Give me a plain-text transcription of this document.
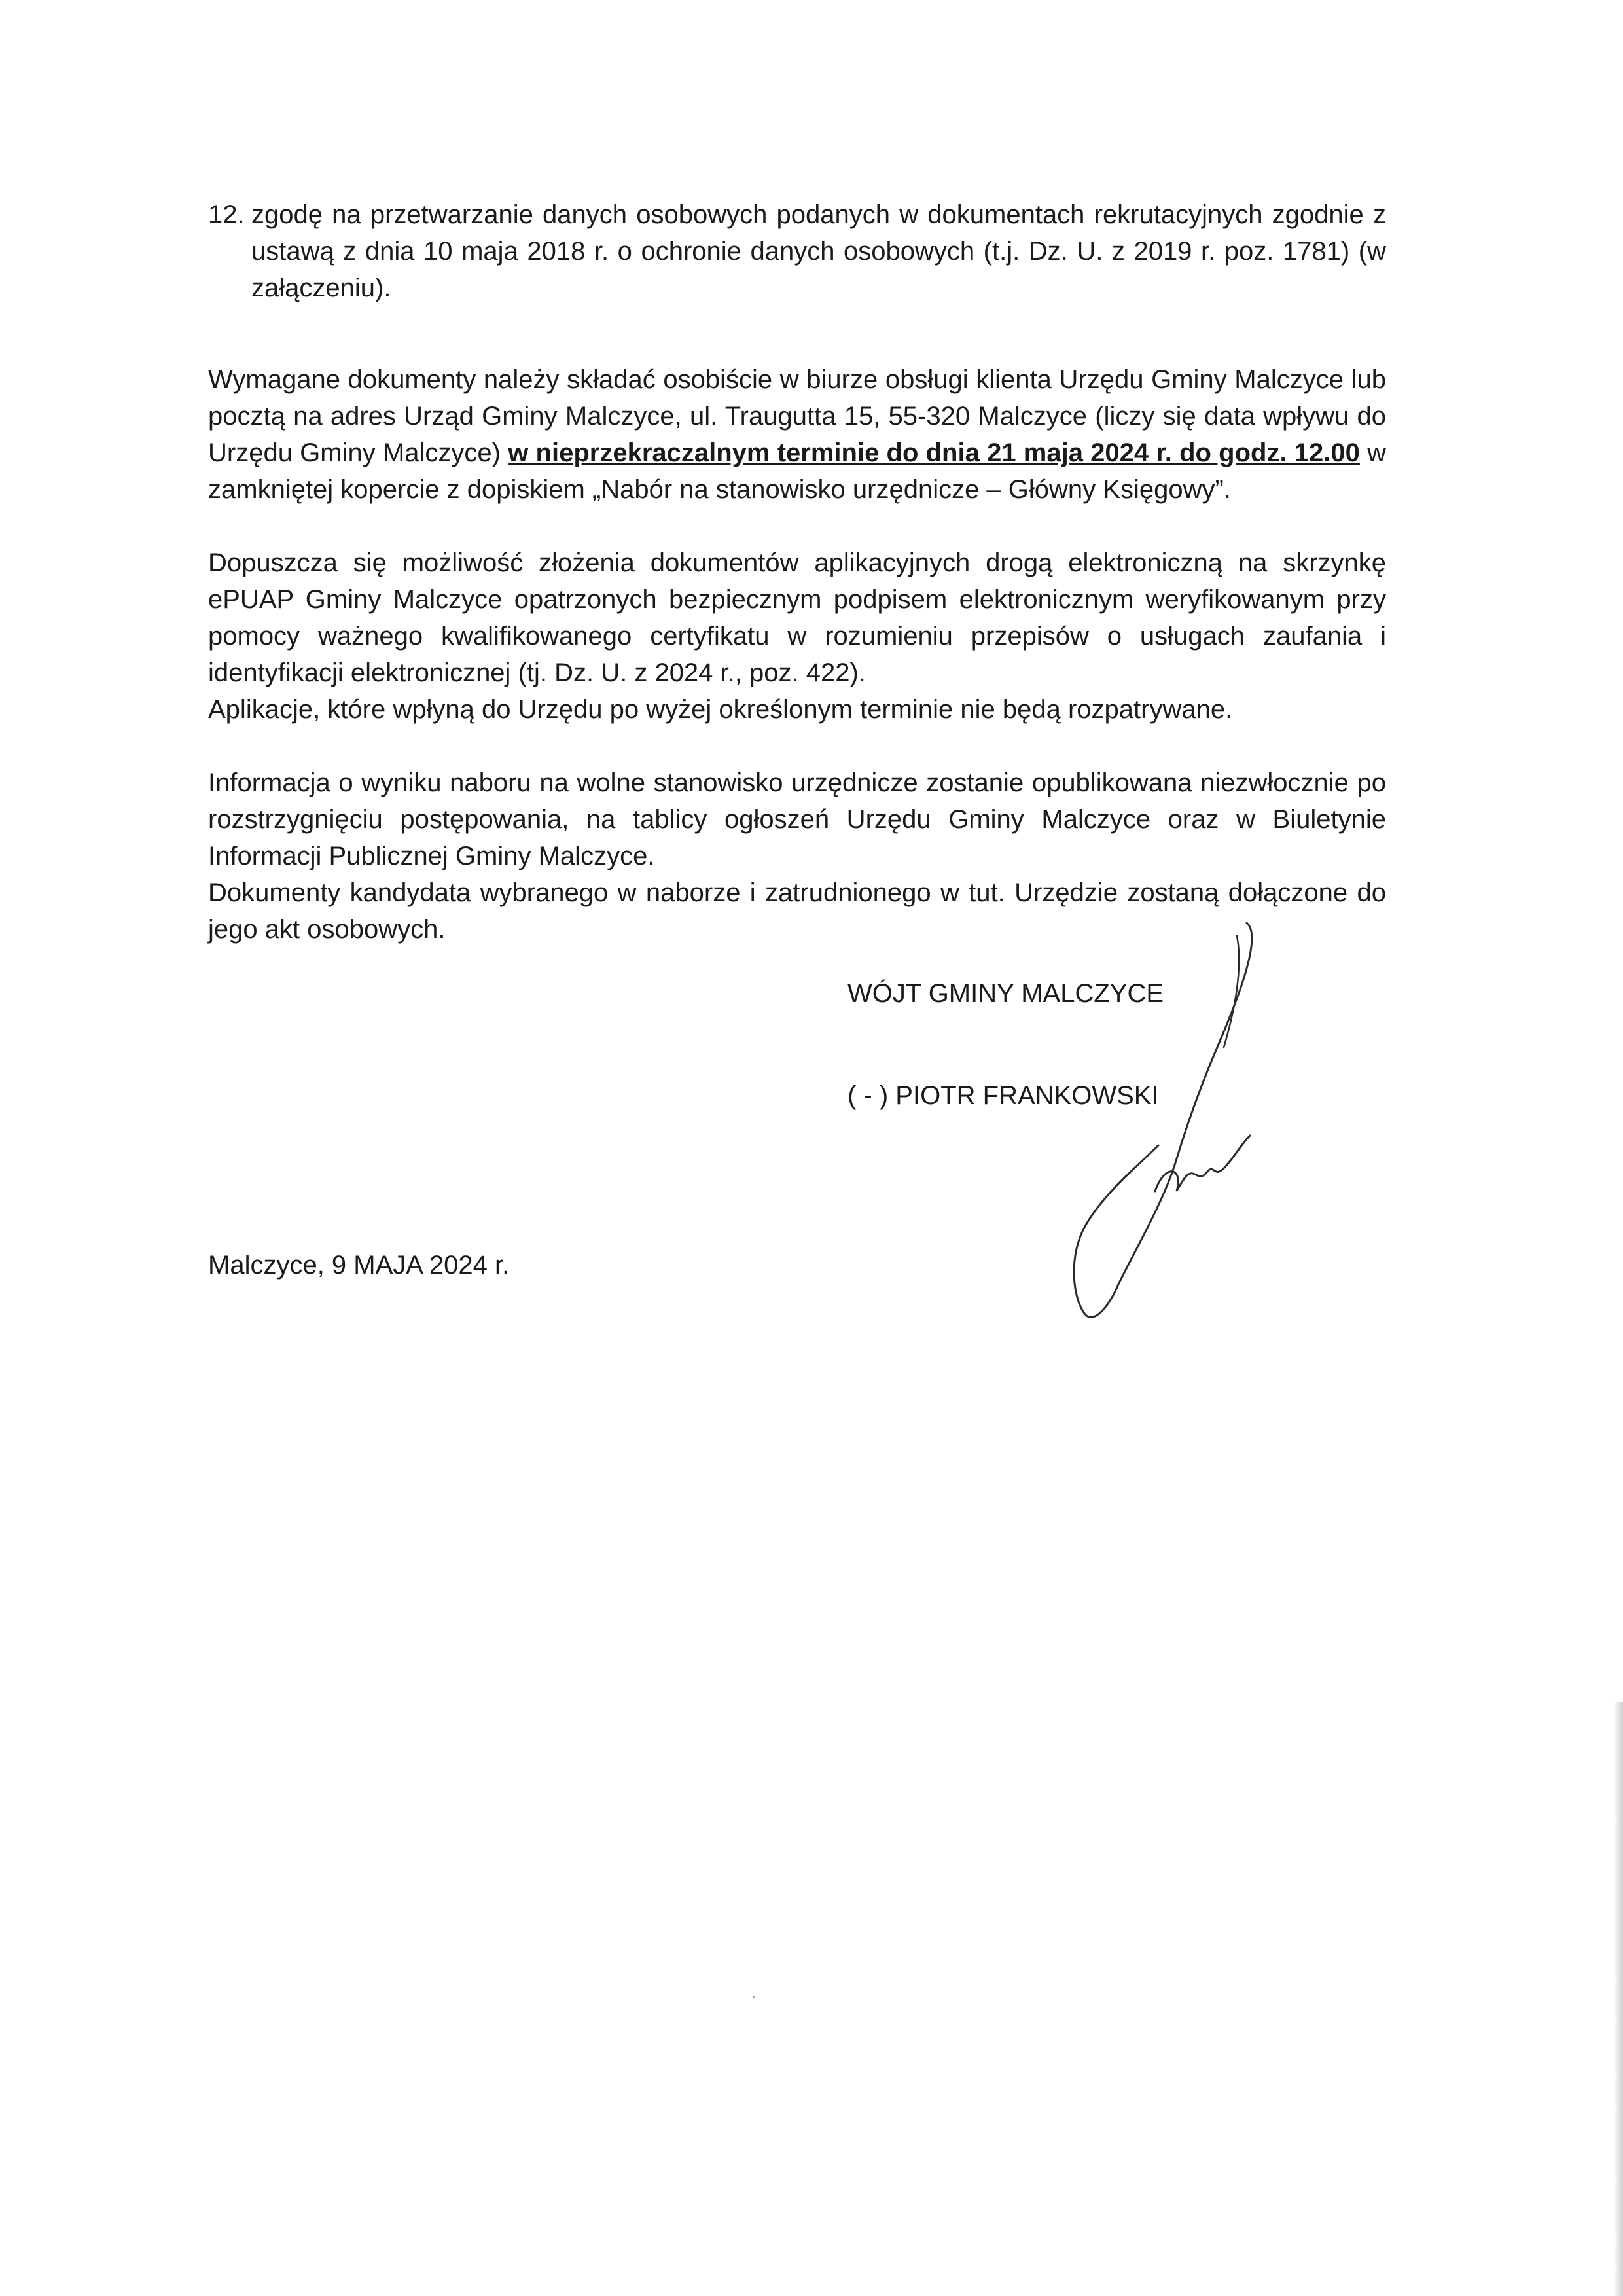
12. zgodę na przetwarzanie danych osobowych podanych w dokumentach rekrutacyjnych zgodnie z ustawą z dnia 10 maja 2018 r. o ochronie danych osobowych (t.j. Dz. U. z 2019 r. poz. 1781) (w załączeniu).

Wymagane dokumenty należy składać osobiście w biurze obsługi klienta Urzędu Gminy Malczyce lub pocztą na adres Urząd Gminy Malczyce, ul. Traugutta 15, 55-320 Malczyce (liczy się data wpływu do Urzędu Gminy Malczyce) w nieprzekraczalnym terminie do dnia 21 maja 2024 r. do godz. 12.00 w zamkniętej kopercie z dopiskiem „Nabór na stanowisko urzędnicze – Główny Księgowy”.

Dopuszcza się możliwość złożenia dokumentów aplikacyjnych drogą elektroniczną na skrzynkę ePUAP Gminy Malczyce opatrzonych bezpiecznym podpisem elektronicznym weryfikowanym przy pomocy ważnego kwalifikowanego certyfikatu w rozumieniu przepisów o usługach zaufania i identyfikacji elektronicznej (tj. Dz. U. z 2024 r., poz. 422).

Aplikacje, które wpłyną do Urzędu po wyżej określonym terminie nie będą rozpatrywane.

Informacja o wyniku naboru na wolne stanowisko urzędnicze zostanie opublikowana niezwłocznie po rozstrzygnięciu postępowania, na tablicy ogłoszeń Urzędu Gminy Malczyce oraz w Biuletynie Informacji Publicznej Gminy Malczyce.

Dokumenty kandydata wybranego w naborze i zatrudnionego w tut. Urzędzie zostaną dołączone do jego akt osobowych.

WÓJT GMINY MALCZYCE
( - ) PIOTR FRANKOWSKI
Malczyce, 9 MAJA 2024 r.
